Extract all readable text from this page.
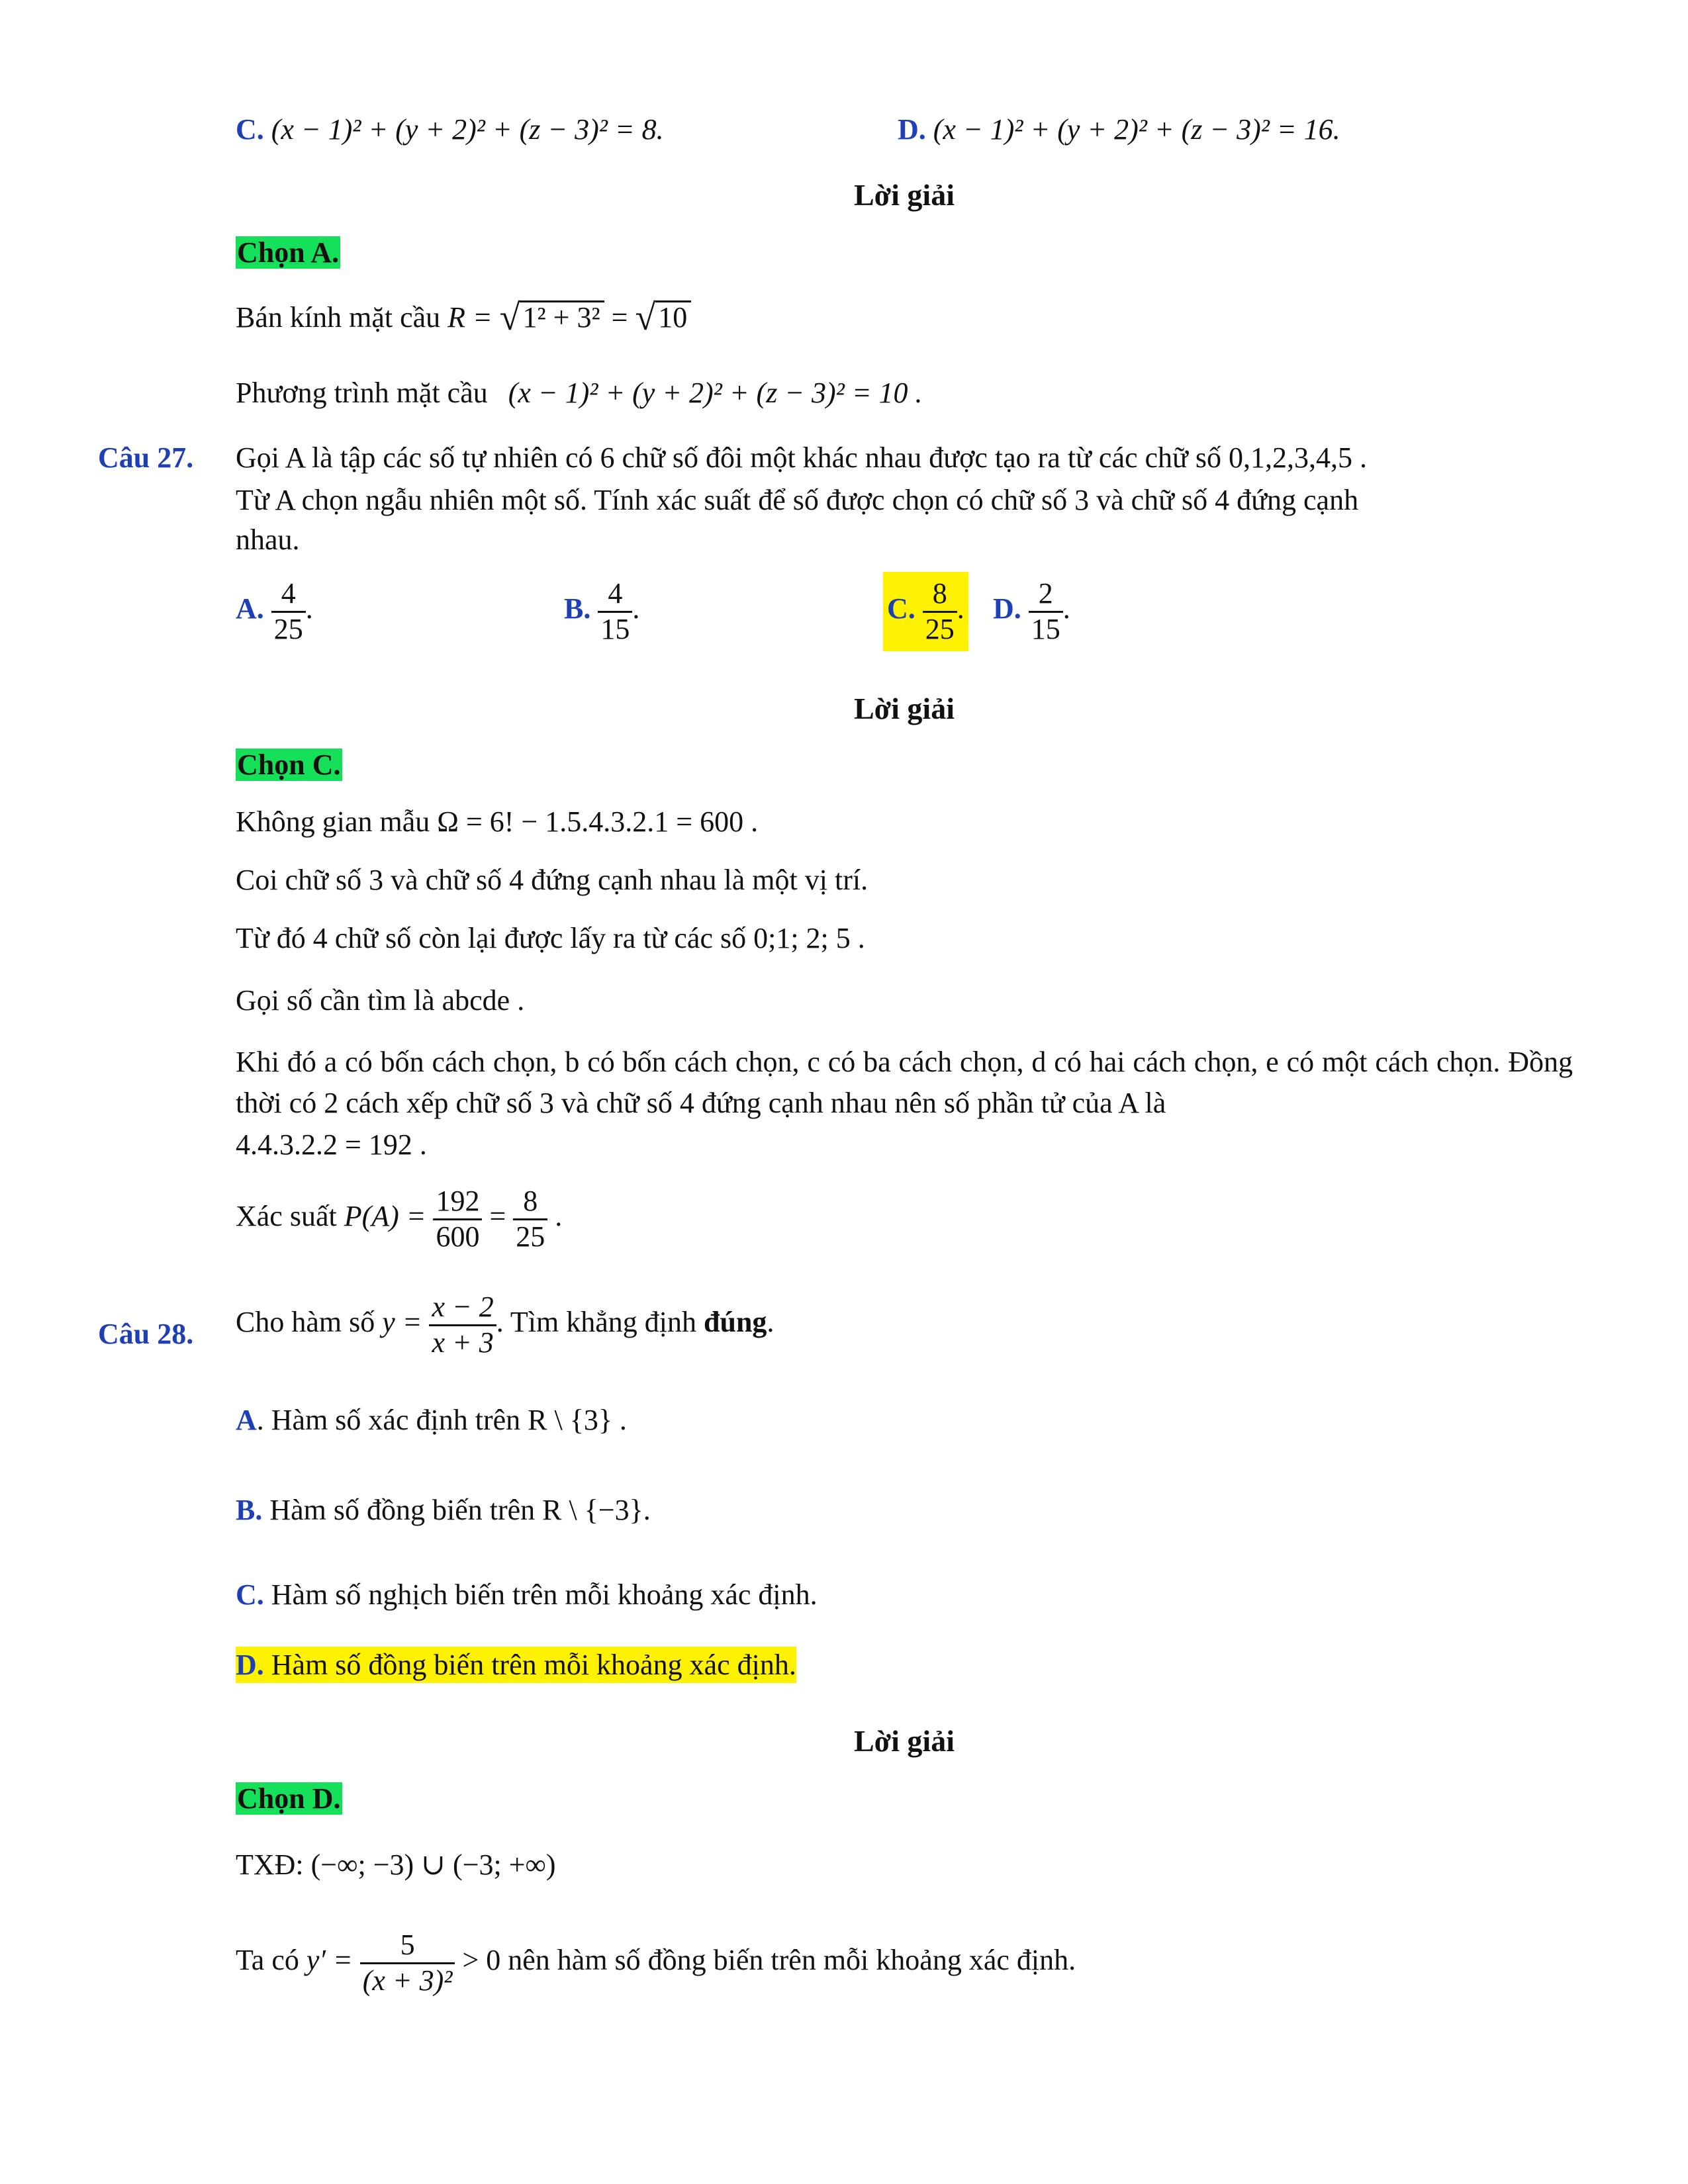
C. (x − 1)² + (y + 2)² + (z − 3)² = 8.	D. (x − 1)² + (y + 2)² + (z − 3)² = 16.
Lời giải
Chọn A.
Bán kính mặt cầu R = √1² + 3² = √10
Phương trình mặt cầu (x − 1)² + (y + 2)² + (z − 3)² = 10 .
Câu 27. Gọi A là tập các số tự nhiên có 6 chữ số đôi một khác nhau được tạo ra từ các chữ số 0,1,2,3,4,5 .
Từ A chọn ngẫu nhiên một số. Tính xác suất để số được chọn có chữ số 3 và chữ số 4 đứng cạnh
nhau.
A. $\frac{4}{25}$ .	B. $\frac{4}{15}$ .	C. $\frac{8}{25}$ . D. $\frac{2}{15}$ .
Lời giải
Chọn C.
Không gian mẫu Ω = 6! − 1.5.4.3.2.1 = 600 .
Coi chữ số 3 và chữ số 4 đứng cạnh nhau là một vị trí.
Từ đó 4 chữ số còn lại được lấy ra từ các số 0;1; 2; 5 .
Gọi số cần tìm là abcde .
Khi đó a có bốn cách chọn, b có bốn cách chọn, c có ba cách chọn, d có hai cách chọn, e có một cách chọn. Đồng thời có 2 cách xếp chữ số 3 và chữ số 4 đứng cạnh nhau nên số phần tử của A là
4.4.3.2.2 = 192 .
Xác suất $P(A) = \frac{192}{600} = \frac{8}{25}$ .
Câu 28. Cho hàm số $y = \frac{x - 2}{x + 3}$ . Tìm khẳng định đúng.
A. Hàm số xác định trên R \ {3} .
B. Hàm số đồng biến trên R \ {−3}.
C. Hàm số nghịch biến trên mỗi khoảng xác định.
D. Hàm số đồng biến trên mỗi khoảng xác định.
Lời giải
Chọn D.
TXĐ: (−∞; −3) ∪ (−3; +∞)
Ta có $y' = \frac{5}{\text{(x + 3)²}} > 0$ nên hàm số đồng biến trên mỗi khoảng xác định.
